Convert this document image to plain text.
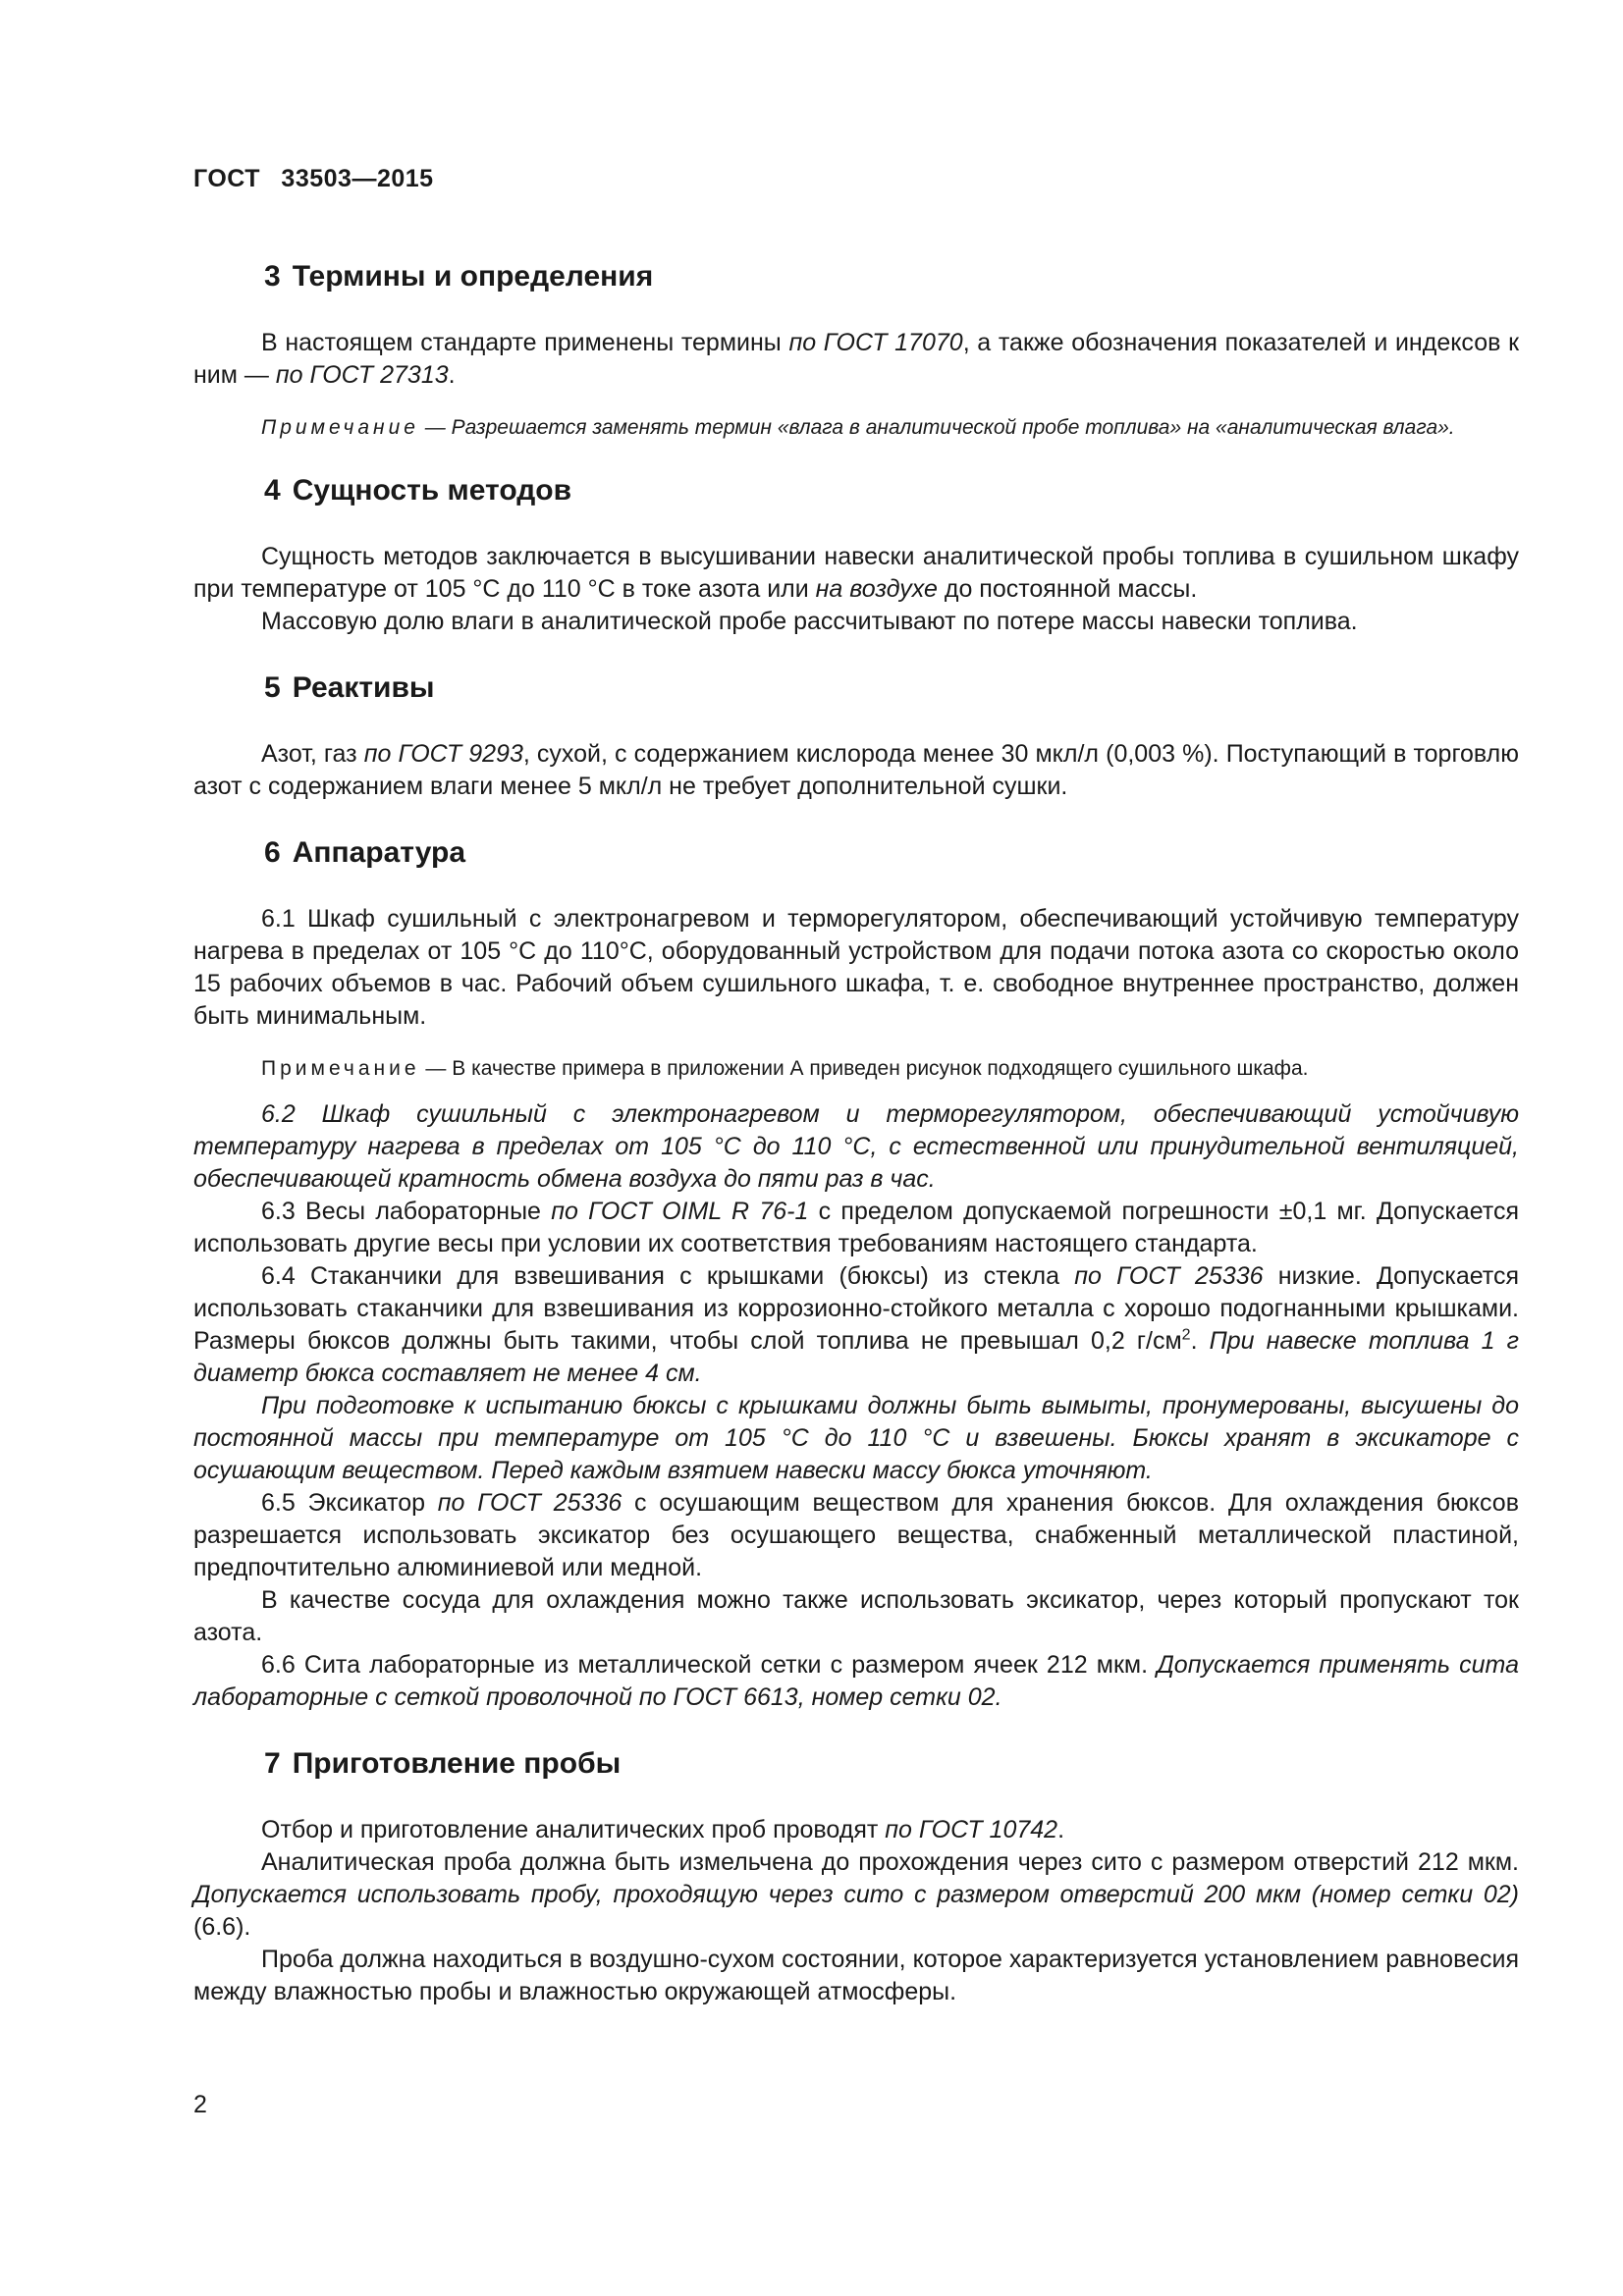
ГОСТ 33503—2015
3 Термины и определения

В настоящем стандарте применены термины по ГОСТ 17070, а также обозначения показателей и индексов к ним — по ГОСТ 27313.

Примечание — Разрешается заменять термин «влага в аналитической пробе топлива» на «аналитическая влага».

4 Сущность методов

Сущность методов заключается в высушивании навески аналитической пробы топлива в сушильном шкафу при температуре от 105 °С до 110 °С в токе азота или на воздухе до постоянной массы.

Массовую долю влаги в аналитической пробе рассчитывают по потере массы навески топлива.

5 Реактивы

Азот, газ по ГОСТ 9293, сухой, с содержанием кислорода менее 30 мкл/л (0,003 %). Поступающий в торговлю азот с содержанием влаги менее 5 мкл/л не требует дополнительной сушки.

6 Аппаратура

6.1 Шкаф сушильный с электронагревом и терморегулятором, обеспечивающий устойчивую температуру нагрева в пределах от 105 °С до 110°С, оборудованный устройством для подачи потока азота со скоростью около 15 рабочих объемов в час. Рабочий объем сушильного шкафа, т. е. свободное внутреннее пространство, должен быть минимальным.

Примечание — В качестве примера в приложении А приведен рисунок подходящего сушильного шкафа.

6.2 Шкаф сушильный с электронагревом и терморегулятором, обеспечивающий устойчивую температуру нагрева в пределах от 105 °С до 110 °С, с естественной или принудительной вентиляцией, обеспечивающей кратность обмена воздуха до пяти раз в час.

6.3 Весы лабораторные по ГОСТ OIML R 76-1 с пределом допускаемой погрешности ±0,1 мг. Допускается использовать другие весы при условии их соответствия требованиям настоящего стандарта.

6.4 Стаканчики для взвешивания с крышками (бюксы) из стекла по ГОСТ 25336 низкие. Допускается использовать стаканчики для взвешивания из коррозионно-стойкого металла с хорошо подогнанными крышками. Размеры бюксов должны быть такими, чтобы слой топлива не превышал 0,2 $г/см^2$. При навеске топлива 1 г диаметр бюкса составляет не менее 4 см.

При подготовке к испытанию бюксы с крышками должны быть вымыты, пронумерованы, высушены до постоянной массы при температуре от 105 °С до 110 °С и взвешены. Бюксы хранят в эксикаторе с осушающим веществом. Перед каждым взятием навески массу бюкса уточняют.

6.5 Эксикатор по ГОСТ 25336 с осушающим веществом для хранения бюксов. Для охлаждения бюксов разрешается использовать эксикатор без осушающего вещества, снабженный металлической пластиной, предпочтительно алюминиевой или медной.

В качестве сосуда для охлаждения можно также использовать эксикатор, через который пропускают ток азота.

6.6 Сита лабораторные из металлической сетки с размером ячеек 212 мкм. Допускается применять сита лабораторные с сеткой проволочной по ГОСТ 6613, номер сетки 02.

7 Приготовление пробы

Отбор и приготовление аналитических проб проводят по ГОСТ 10742.

Аналитическая проба должна быть измельчена до прохождения через сито с размером отверстий 212 мкм. Допускается использовать пробу, проходящую через сито с размером отверстий 200 мкм (номер сетки 02) (6.6).

Проба должна находиться в воздушно-сухом состоянии, которое характеризуется установлением равновесия между влажностью пробы и влажностью окружающей атмосферы.

2
